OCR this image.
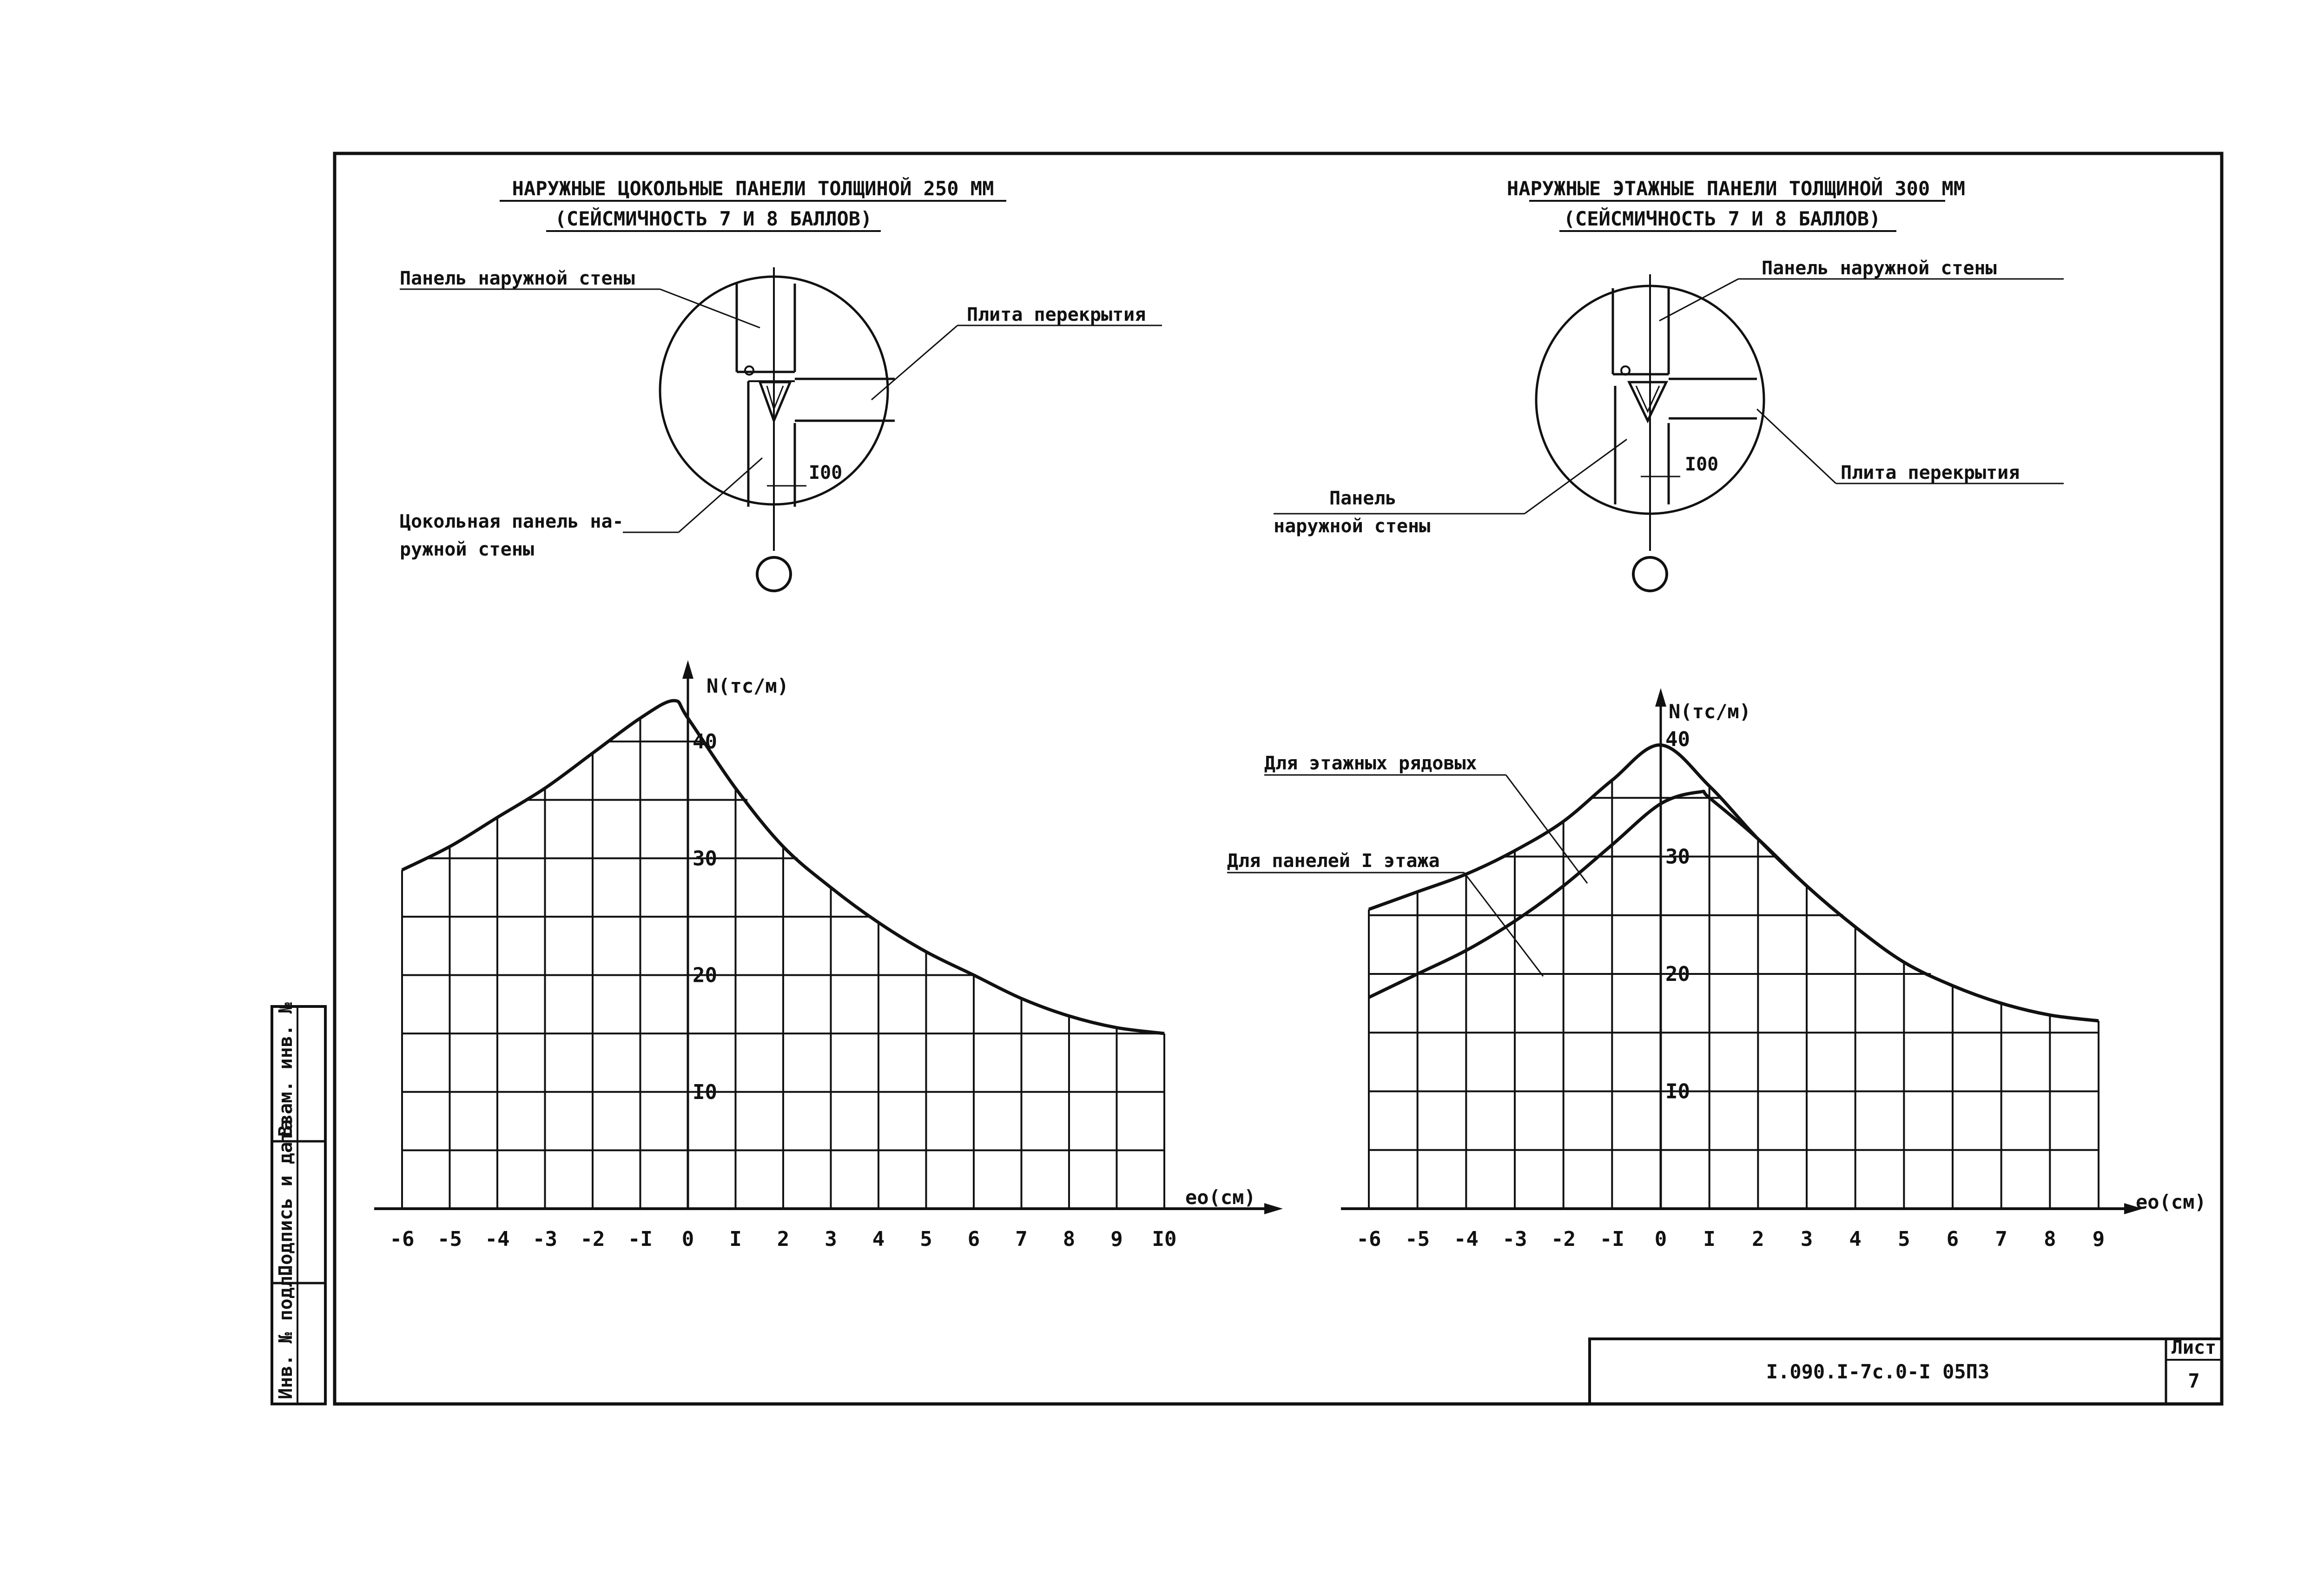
Инв. № подл.
Подпись и дата
Взам. инв. №
I.090.I-7c.0-I 05ПЗ
Лист
7
НАРУЖНЫЕ ЦОКОЛЬНЫЕ ПАНЕЛИ ТОЛЩИНОЙ 250 ММ
(СЕЙСМИЧНОСТЬ 7 И 8 БАЛЛОВ)
I00
Панель наружной стены
Плита перекрытия
Цокольная панель на-
ружной стены
НАРУЖНЫЕ ЭТАЖНЫЕ ПАНЕЛИ ТОЛЩИНОЙ 300 ММ
(СЕЙСМИЧНОСТЬ 7 И 8 БАЛЛОВ)
I00
Панель наружной стены
Плита перекрытия
Панель
наружной стены
-6 -5 -4 -3 -2 -I 0 I 2 3 4 5 6 7 8 9 I0
I0
20
30
40
N(тс/м)
eo(см)
-6 -5 -4 -3 -2 -I 0 I 2 3 4 5 6 7 8 9
I0
20
30
40
N(тс/м)
eo(см)
Для этажных рядовых
Для панелей I этажа
